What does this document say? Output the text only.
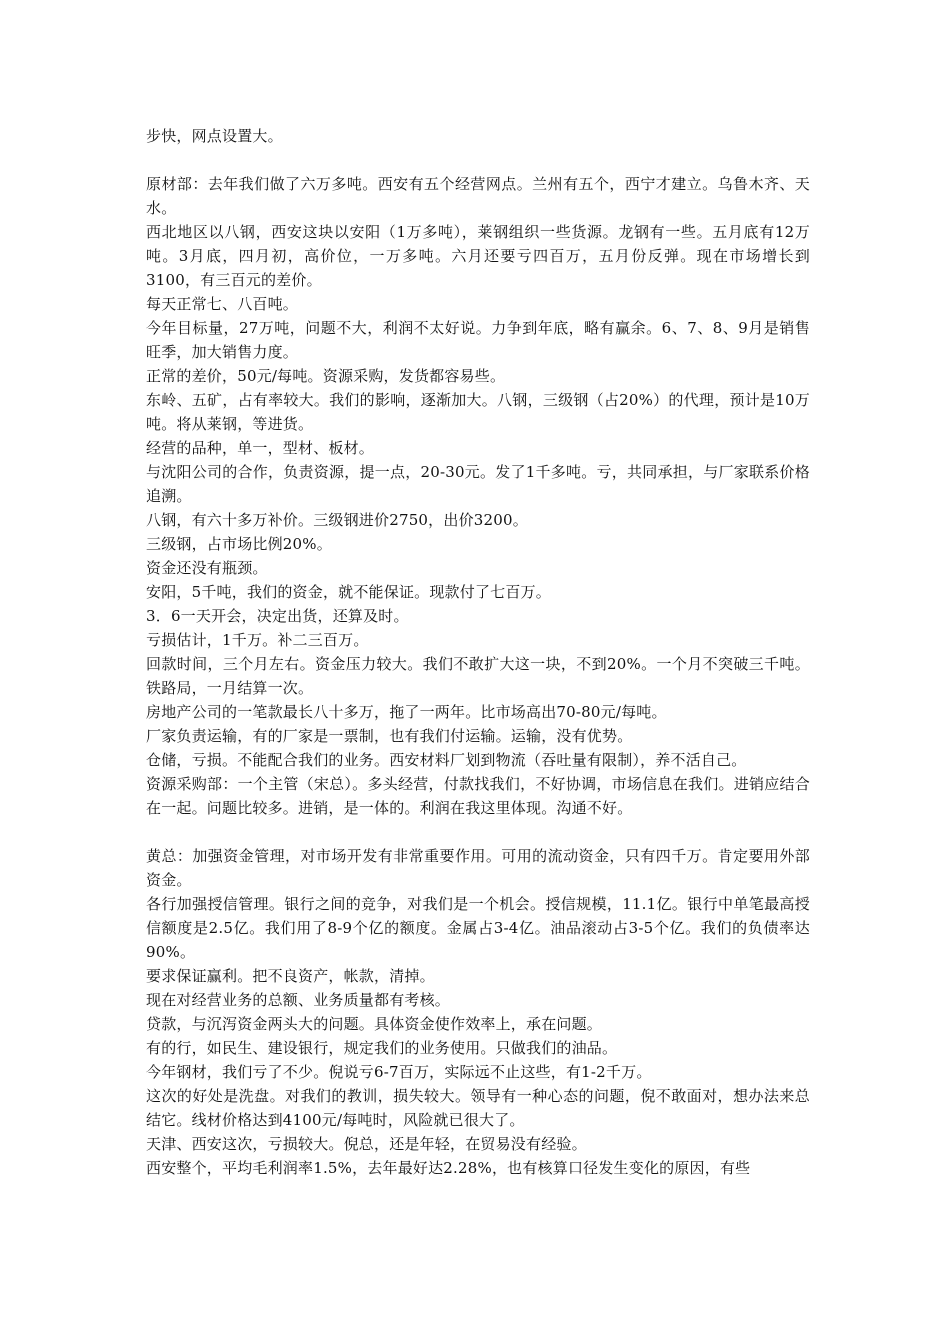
步快，网点设置大。

原材部：去年我们做了六万多吨。西安有五个经营网点。兰州有五个，西宁才建立。乌鲁木齐、天水。

西北地区以八钢，西安这块以安阳（1万多吨），莱钢组织一些货源。龙钢有一些。五月底有12万吨。3月底，四月初，高价位，一万多吨。六月还要亏四百万，五月份反弹。现在市场增长到3100，有三百元的差价。

每天正常七、八百吨。

今年目标量，27万吨，问题不大，利润不太好说。力争到年底，略有赢余。6、7、8、9月是销售旺季，加大销售力度。

正常的差价，50元/每吨。资源采购，发货都容易些。

东岭、五矿，占有率较大。我们的影响，逐渐加大。八钢，三级钢（占20%）的代理，预计是10万吨。将从莱钢，等进货。

经营的品种，单一，型材、板材。

与沈阳公司的合作，负责资源，提一点，20-30元。发了1千多吨。亏，共同承担，与厂家联系价格追溯。

八钢，有六十多万补价。三级钢进价2750，出价3200。

三级钢，占市场比例20%。

资金还没有瓶颈。

安阳，5千吨，我们的资金，就不能保证。现款付了七百万。

3．6一天开会，决定出货，还算及时。

亏损估计，1千万。补二三百万。

回款时间，三个月左右。资金压力较大。我们不敢扩大这一块，不到20%。一个月不突破三千吨。铁路局，一月结算一次。

房地产公司的一笔款最长八十多万，拖了一两年。比市场高出70-80元/每吨。

厂家负责运输，有的厂家是一票制，也有我们付运输。运输，没有优势。

仓储，亏损。不能配合我们的业务。西安材料厂划到物流（吞吐量有限制），养不活自己。

资源采购部：一个主管（宋总）。多头经营，付款找我们，不好协调，市场信息在我们。进销应结合在一起。问题比较多。进销，是一体的。利润在我这里体现。沟通不好。

黄总：加强资金管理，对市场开发有非常重要作用。可用的流动资金，只有四千万。肯定要用外部资金。

各行加强授信管理。银行之间的竞争，对我们是一个机会。授信规模，11.1亿。银行中单笔最高授信额度是2.5亿。我们用了8-9个亿的额度。金属占3-4亿。油品滚动占3-5个亿。我们的负债率达90%。

要求保证赢利。把不良资产，帐款，清掉。

现在对经营业务的总额、业务质量都有考核。

贷款，与沉泻资金两头大的问题。具体资金使作效率上，承在问题。

有的行，如民生、建设银行，规定我们的业务使用。只做我们的油品。

今年钢材，我们亏了不少。倪说亏6-7百万，实际远不止这些，有1-2千万。

这次的好处是洗盘。对我们的教训，损失较大。领导有一种心态的问题，倪不敢面对，想办法来总结它。线材价格达到4100元/每吨时，风险就已很大了。

天津、西安这次，亏损较大。倪总，还是年轻，在贸易没有经验。

西安整个，平均毛利润率1.5%，去年最好达2.28%，也有核算口径发生变化的原因，有些
